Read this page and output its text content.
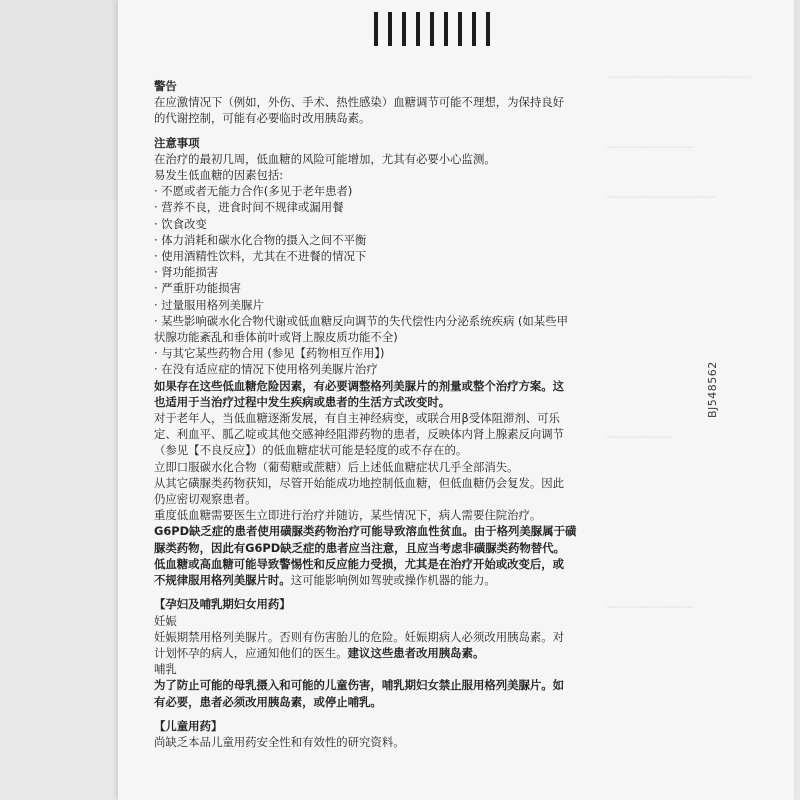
—————————————
————————
——————————
——————
————————
BJ548562
警告
在应激情况下（例如，外伤、手术、热性感染）血糖调节可能不理想，为保持良好
的代谢控制，可能有必要临时改用胰岛素。
注意事项
在治疗的最初几周，低血糖的风险可能增加，尤其有必要小心监测。
易发生低血糖的因素包括:
· 不愿或者无能力合作(多见于老年患者)
· 营养不良，进食时间不规律或漏用餐
· 饮食改变
· 体力消耗和碳水化合物的摄入之间不平衡
· 使用酒精性饮料，尤其在不进餐的情况下
· 肾功能损害
· 严重肝功能损害
· 过量服用格列美脲片
· 某些影响碳水化合物代谢或低血糖反向调节的失代偿性内分泌系统疾病 (如某些甲
状腺功能紊乱和垂体前叶或肾上腺皮质功能不全)
· 与其它某些药物合用 (参见【药物相互作用】)
· 在没有适应症的情况下使用格列美脲片治疗
如果存在这些低血糖危险因素，有必要调整格列美脲片的剂量或整个治疗方案。这
也适用于当治疗过程中发生疾病或患者的生活方式改变时。
对于老年人，当低血糖逐渐发展，有自主神经病变，或联合用β受体阻滞剂、可乐
定、利血平、胍乙啶或其他交感神经阻滞药物的患者，反映体内肾上腺素反向调节
（参见【不良反应】）的低血糖症状可能是轻度的或不存在的。
立即口服碳水化合物（葡萄糖或蔗糖）后上述低血糖症状几乎全部消失。
从其它磺脲类药物获知，尽管开始能成功地控制低血糖，但低血糖仍会复发。因此
仍应密切观察患者。
重度低血糖需要医生立即进行治疗并随访，某些情况下，病人需要住院治疗。
G6PD缺乏症的患者使用磺脲类药物治疗可能导致溶血性贫血。由于格列美脲属于磺
脲类药物，因此有G6PD缺乏症的患者应当注意，且应当考虑非磺脲类药物替代。
低血糖或高血糖可能导致警惕性和反应能力受损，尤其是在治疗开始或改变后，或
不规律服用格列美脲片时。这可能影响例如驾驶或操作机器的能力。
【孕妇及哺乳期妇女用药】
妊娠
妊娠期禁用格列美脲片。否则有伤害胎儿的危险。妊娠期病人必须改用胰岛素。对
计划怀孕的病人，应通知他们的医生。建议这些患者改用胰岛素。
哺乳
为了防止可能的母乳摄入和可能的儿童伤害，哺乳期妇女禁止服用格列美脲片。如
有必要，患者必须改用胰岛素，或停止哺乳。
【儿童用药】
尚缺乏本品儿童用药安全性和有效性的研究资料。
